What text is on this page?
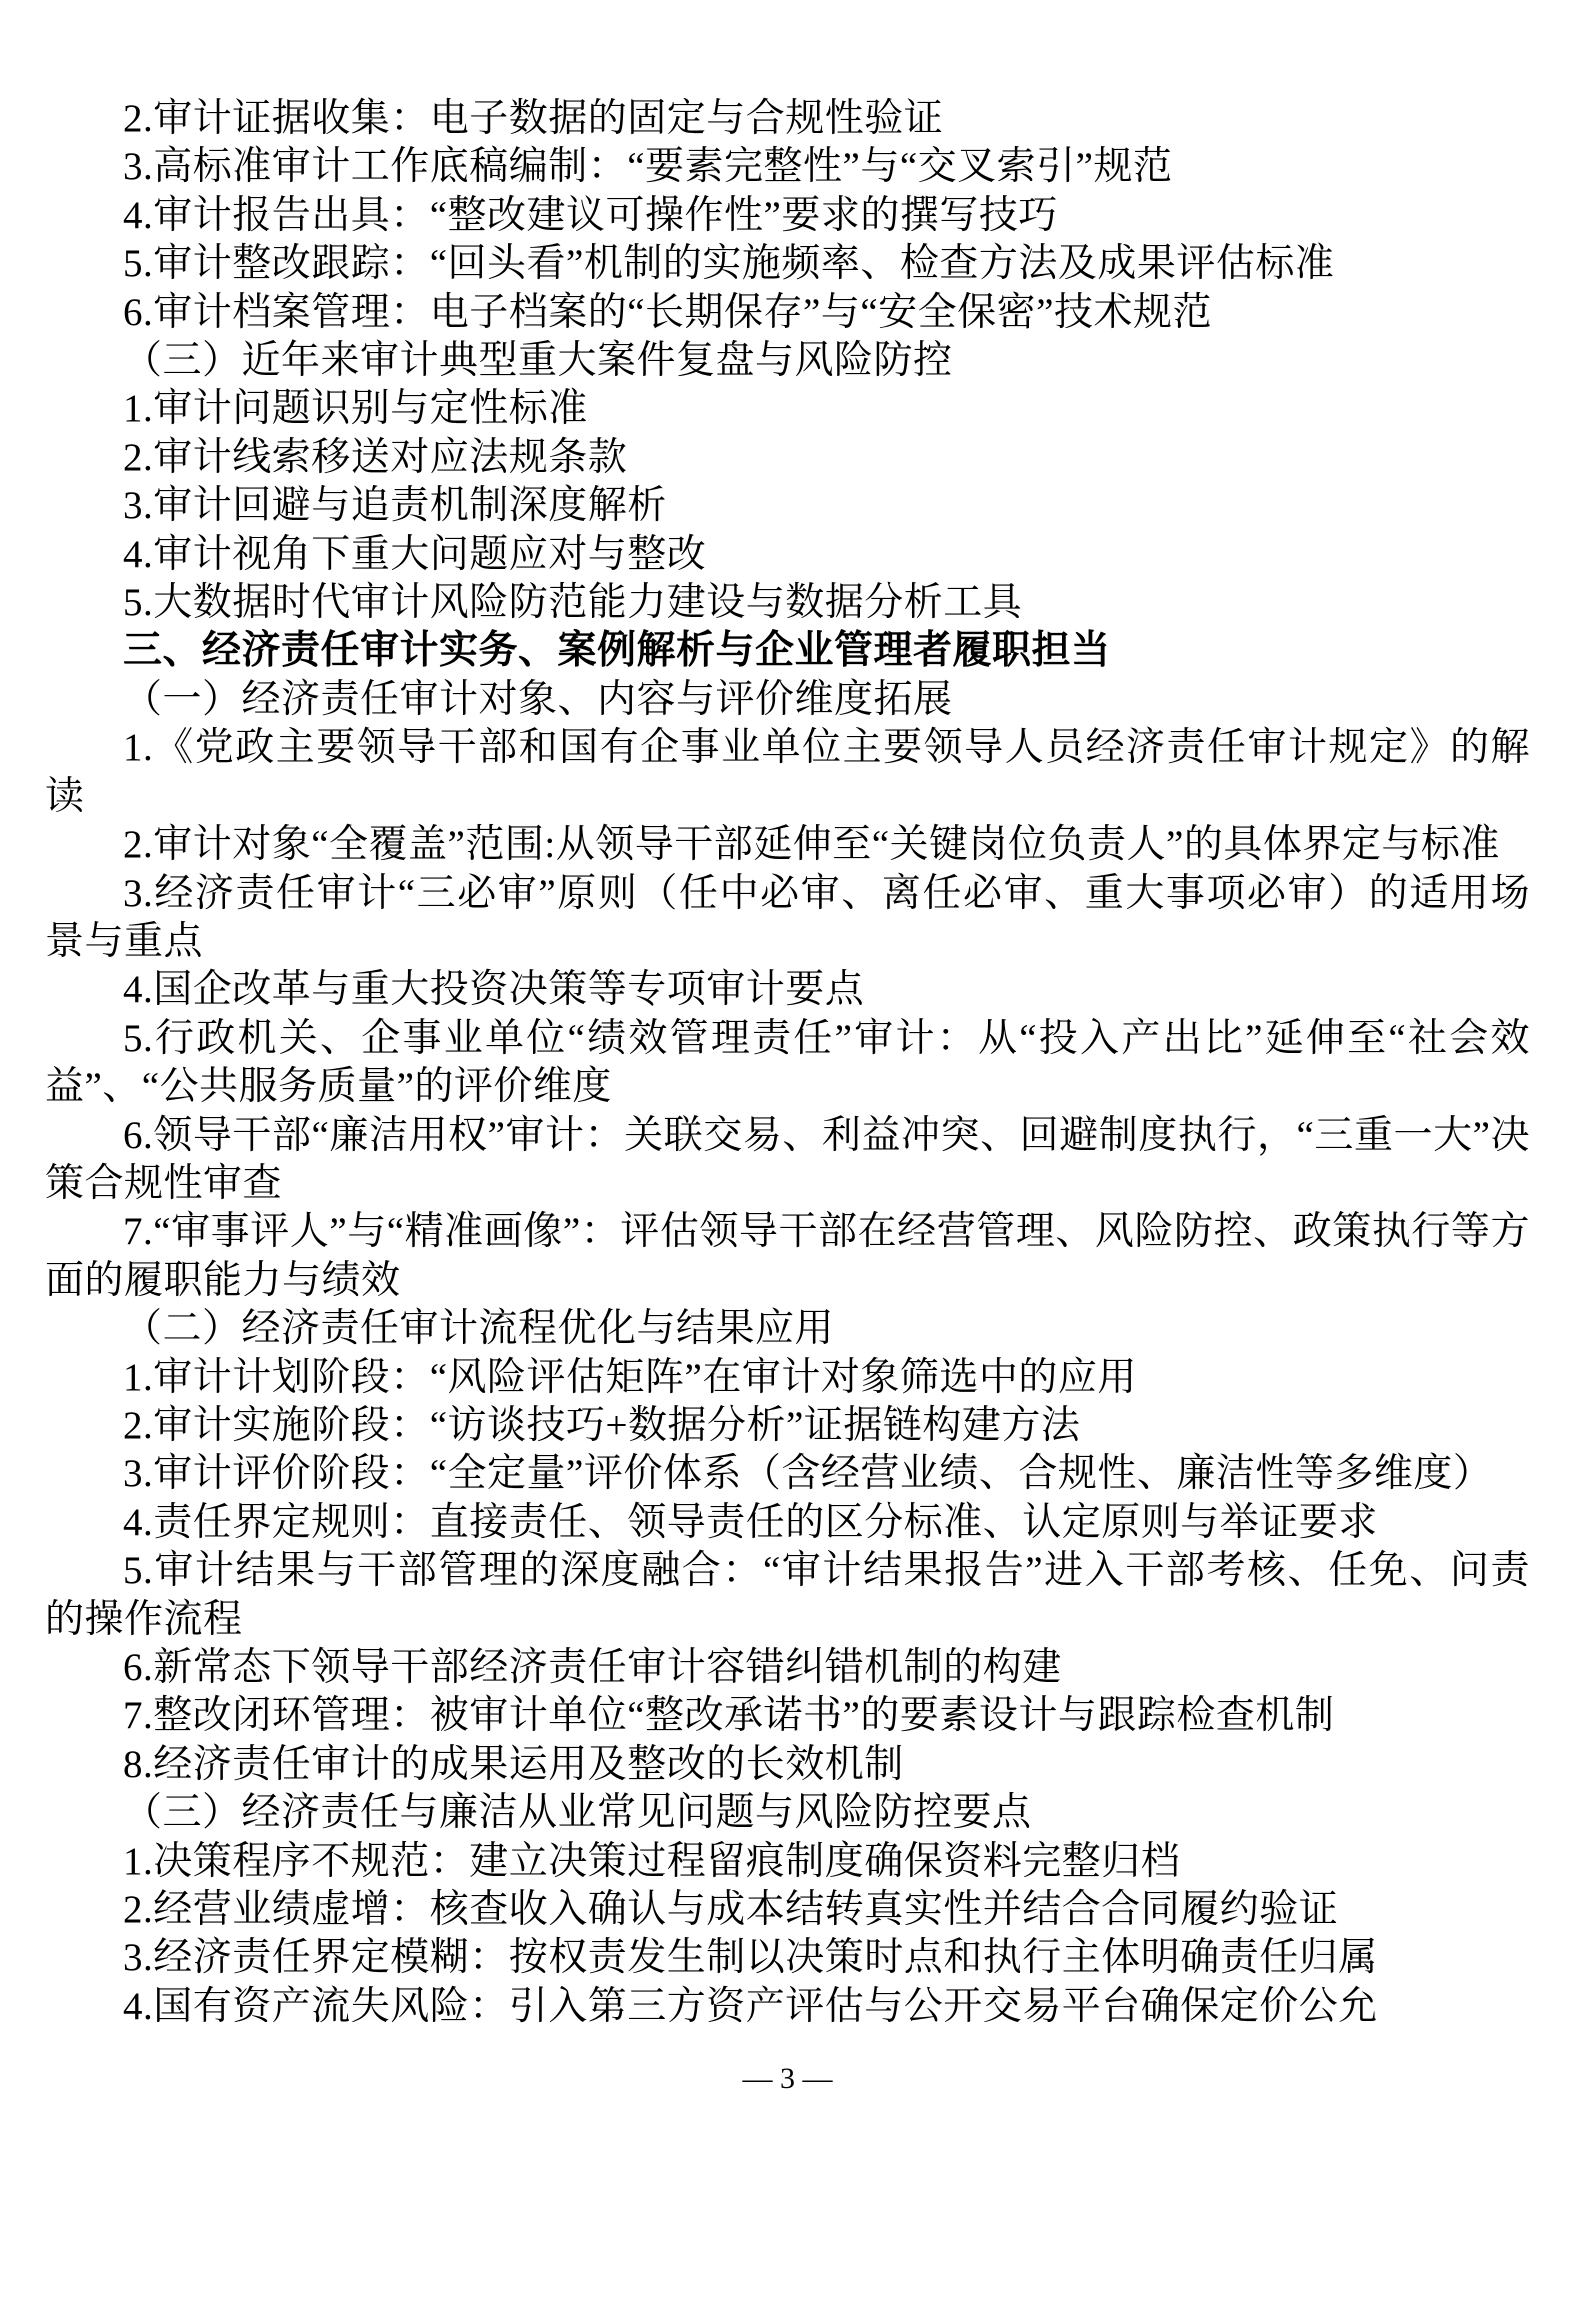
2.审计证据收集：电子数据的固定与合规性验证

3.高标准审计工作底稿编制：“要素完整性”与“交叉索引”规范

4.审计报告出具：“整改建议可操作性”要求的撰写技巧

5.审计整改跟踪：“回头看”机制的实施频率、检查方法及成果评估标准

6.审计档案管理：电子档案的“长期保存”与“安全保密”技术规范

（三）近年来审计典型重大案件复盘与风险防控

1.审计问题识别与定性标准

2.审计线索移送对应法规条款

3.审计回避与追责机制深度解析

4.审计视角下重大问题应对与整改

5.大数据时代审计风险防范能力建设与数据分析工具

三、经济责任审计实务、案例解析与企业管理者履职担当

（一）经济责任审计对象、内容与评价维度拓展

1.《党政主要领导干部和国有企事业单位主要领导人员经济责任审计规定》的解读

2.审计对象“全覆盖”范围:从领导干部延伸至“关键岗位负责人”的具体界定与标准

3.经济责任审计“三必审”原则（任中必审、离任必审、重大事项必审）的适用场景与重点

4.国企改革与重大投资决策等专项审计要点

5.行政机关、企事业单位“绩效管理责任”审计：从“投入产出比”延伸至“社会效益”、“公共服务质量”的评价维度

6.领导干部“廉洁用权”审计：关联交易、利益冲突、回避制度执行，“三重一大”决策合规性审查

7.“审事评人”与“精准画像”：评估领导干部在经营管理、风险防控、政策执行等方面的履职能力与绩效

（二）经济责任审计流程优化与结果应用

1.审计计划阶段：“风险评估矩阵”在审计对象筛选中的应用

2.审计实施阶段：“访谈技巧+数据分析”证据链构建方法

3.审计评价阶段：“全定量”评价体系（含经营业绩、合规性、廉洁性等多维度）

4.责任界定规则：直接责任、领导责任的区分标准、认定原则与举证要求

5.审计结果与干部管理的深度融合：“审计结果报告”进入干部考核、任免、问责的操作流程

6.新常态下领导干部经济责任审计容错纠错机制的构建

7.整改闭环管理：被审计单位“整改承诺书”的要素设计与跟踪检查机制

8.经济责任审计的成果运用及整改的长效机制

（三）经济责任与廉洁从业常见问题与风险防控要点

1.决策程序不规范：建立决策过程留痕制度确保资料完整归档

2.经营业绩虚增：核查收入确认与成本结转真实性并结合合同履约验证

3.经济责任界定模糊：按权责发生制以决策时点和执行主体明确责任归属

4.国有资产流失风险：引入第三方资产评估与公开交易平台确保定价公允

— 3 —
